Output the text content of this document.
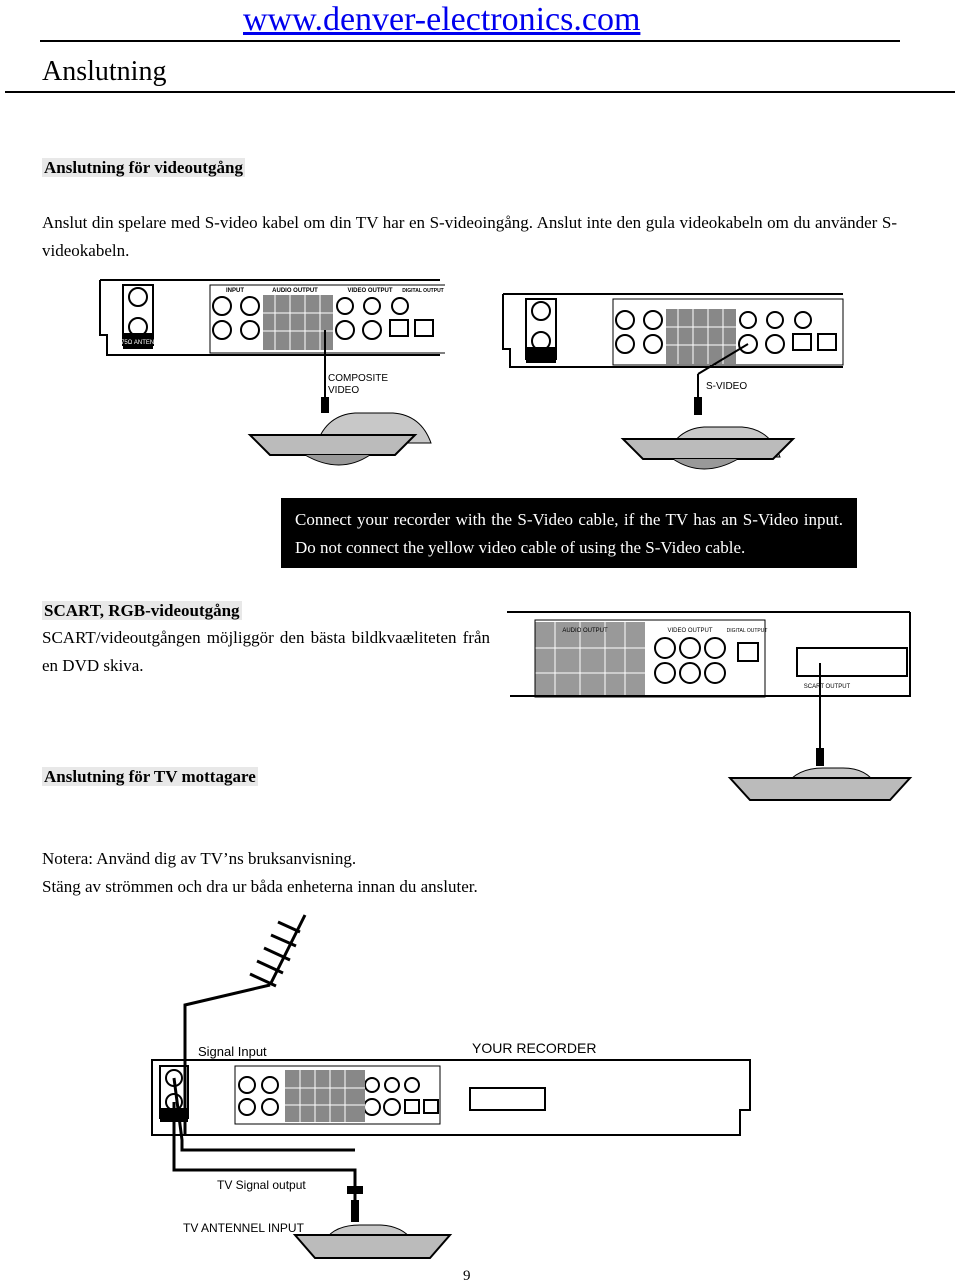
www.denver-electronics.com
Anslutning
Anslutning för videoutgång
Anslut din spelare med S-video kabel om din TV har en S-videoingång. Anslut inte den gula videokabeln om du använder S-videokabeln.
TV75Ω ANTENNA
INPUT	AUDIO OUTPUT	VIDEO OUTPUT DIGITAL OUTPUT
COMPOSITE
VIDEO	S-VIDEO
Connect your recorder with the S-Video cable, if the TV has an S-Video input. Do not connect the yellow video cable of using the S-Video cable.
SCART, RGB-videoutgång
SCART/videoutgången möjliggör den bästa bildkvaæliteten från en DVD skiva.
AUDIO OUTPUT	VIDEO OUTPUT	DIGITAL OUTPUT
SCART OUTPUT
Anslutning för TV mottagare
Notera: Använd dig av TV’ns bruksanvisning.
Stäng av strömmen och dra ur båda enheterna innan du ansluter.
Signal Input	YOUR RECORDER
TV Signal output
TV ANTENNEL INPUT
9
